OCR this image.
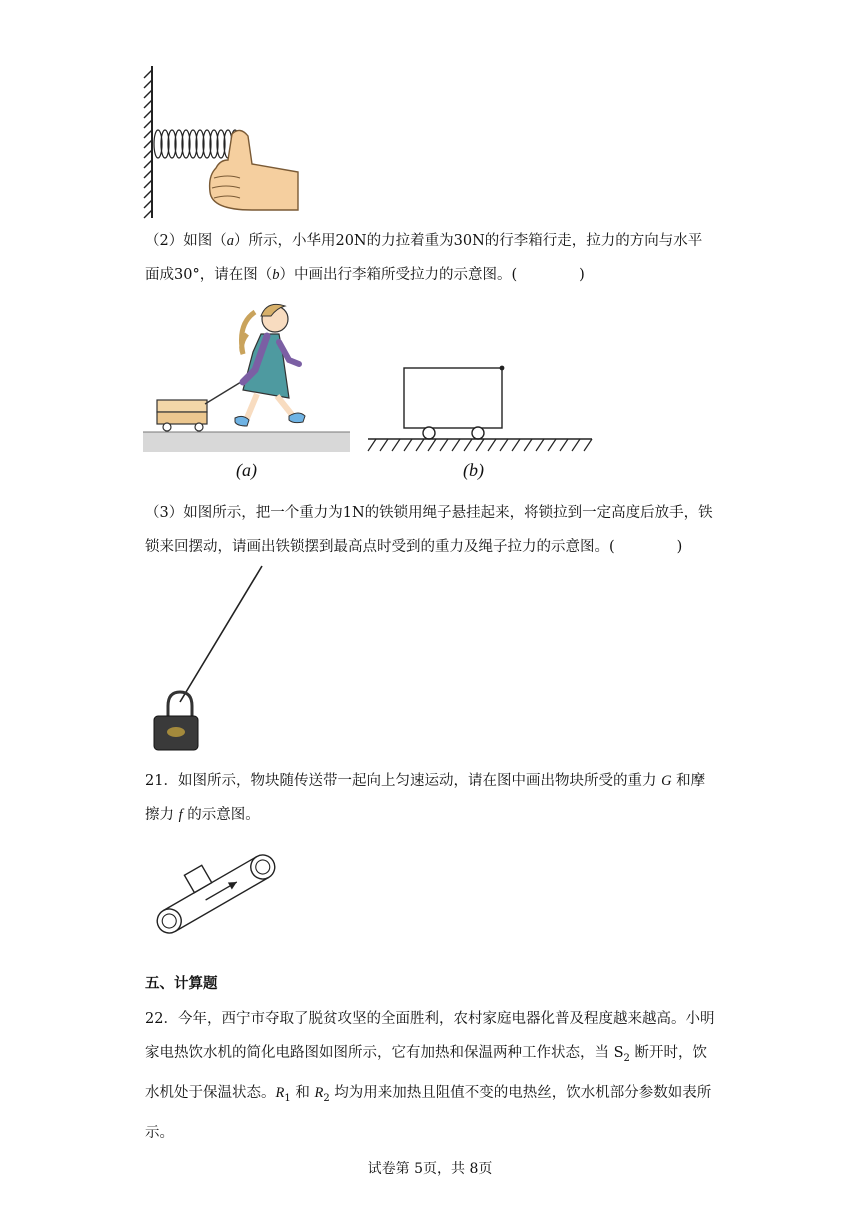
（2）如图（a）所示，小华用20N的力拉着重为30N的行李箱行走，拉力的方向与水平面成30°，请在图（b）中画出行李箱所受拉力的示意图。(	)

(a)	(b)

（3）如图所示，把一个重力为1N的铁锁用绳子悬挂起来，将锁拉到一定高度后放手，铁锁来回摆动，请画出铁锁摆到最高点时受到的重力及绳子拉力的示意图。(	)

21．如图所示，物块随传送带一起向上匀速运动，请在图中画出物块所受的重力 G 和摩擦力 f 的示意图。

五、计算题

22．今年，西宁市夺取了脱贫攻坚的全面胜利，农村家庭电器化普及程度越来越高。小明家电热饮水机的简化电路图如图所示，它有加热和保温两种工作状态，当 $S_2$ 断开时，饮水机处于保温状态。$R_1$ 和 $R_2$ 均为用来加热且阻值不变的电热丝，饮水机部分参数如表所示。

试卷第 5页，共 8页
